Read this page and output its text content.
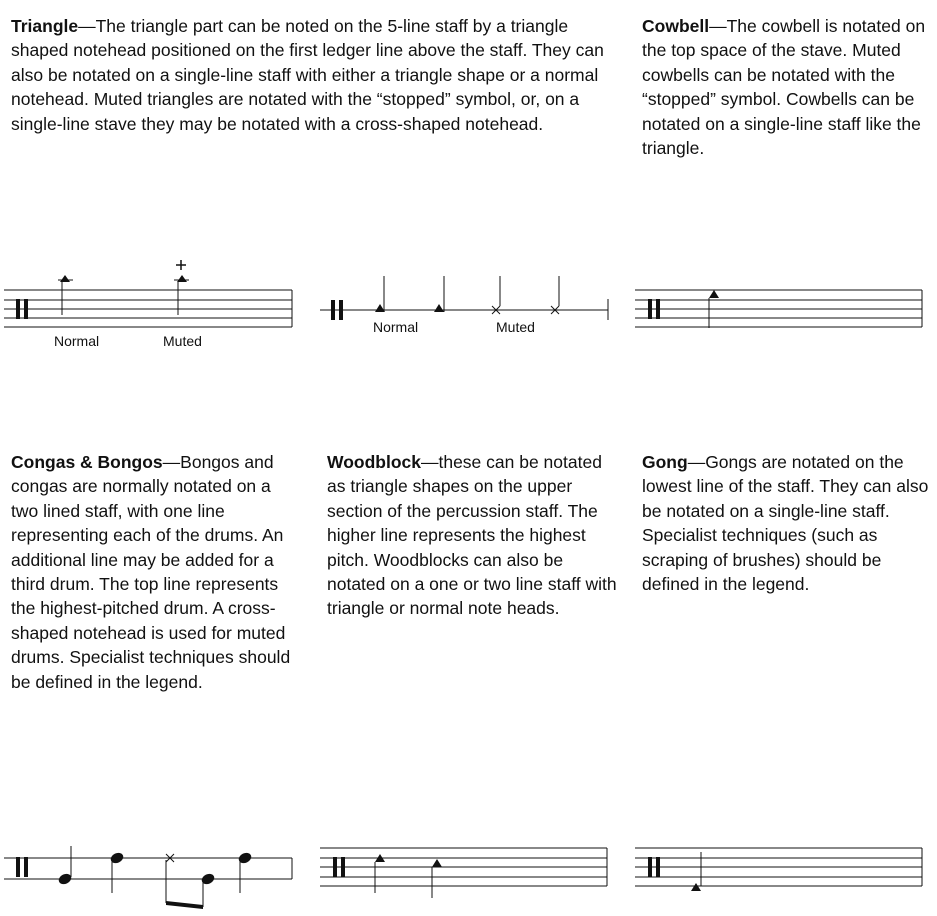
Triangle—The triangle part can be noted on the 5-line staff by a triangle shaped notehead positioned on the first ledger line above the staff. They can also be notated on a single-line staff with either a triangle shape or a normal notehead. Muted triangles are notated with the “stopped” symbol, or, on a single-line stave they may be notated with a cross-shaped notehead.
Cowbell—The cowbell is notated on the top space of the stave. Muted cowbells can be notated with the “stopped” symbol. Cowbells can be notated on a single-line staff like the triangle.
Congas & Bongos—Bongos and congas are normally notated on a two lined staff, with one line representing each of the drums. An additional line may be added for a third drum. The top line represents the highest-pitched drum. A cross-shaped notehead is used for muted drums. Specialist techniques should be defined in the legend.
Woodblock—these can be notated as triangle shapes on the upper section of the percussion staff. The higher line represents the highest pitch. Woodblocks can also be notated on a one or two line staff with triangle or normal note heads.
Gong—Gongs are notated on the lowest line of the staff. They can also be notated on a single-line staff. Specialist techniques (such as scraping of brushes) should be defined in the legend.
Normal	Muted
Normal	Muted
